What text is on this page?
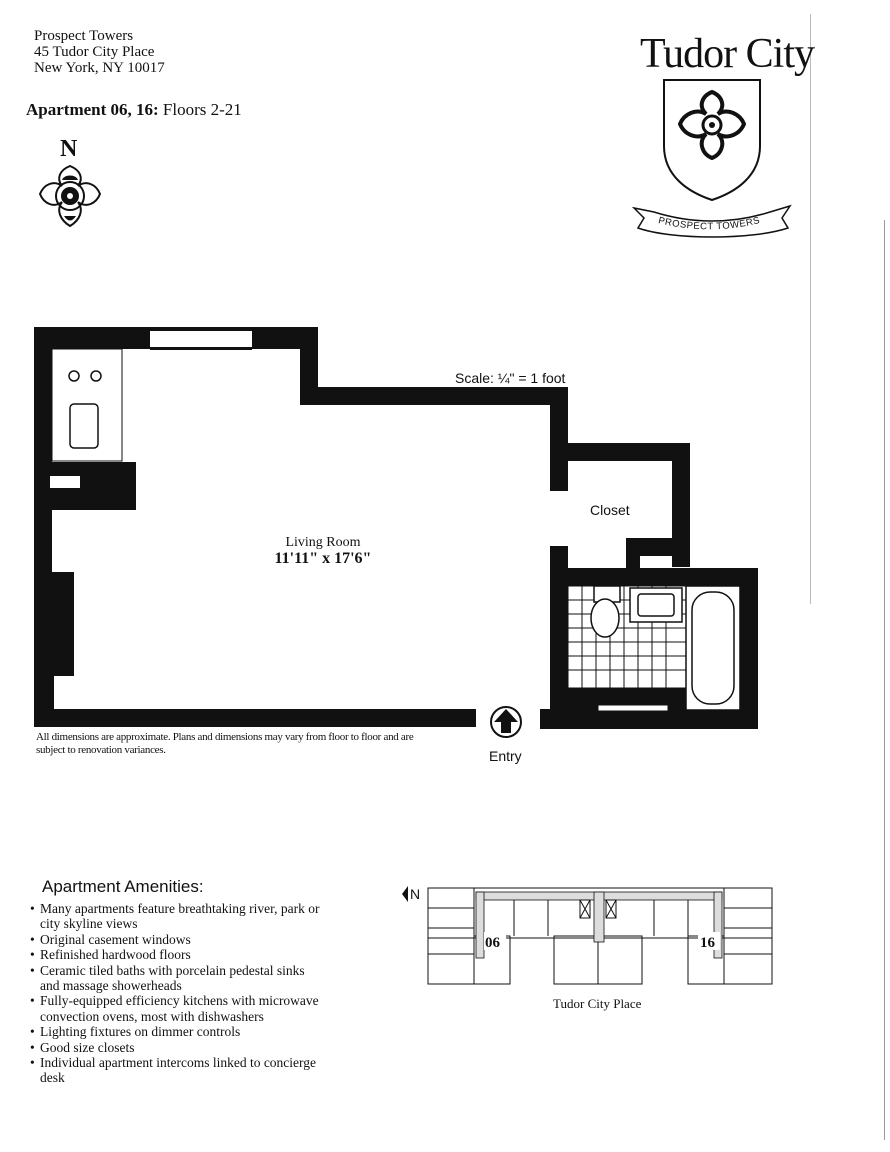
Prospect Towers
45 Tudor City Place
New York, NY 10017
Apartment 06, 16: Floors 2-21
N
Tudor City
PROSPECT TOWERS
Scale: ¼" = 1 foot
Closet
Living Room
11'11" x 17'6"
Entry
All dimensions are approximate. Plans and dimensions may vary from floor to floor and are subject to renovation variances.
Apartment Amenities:
• Many apartments feature breathtaking river, park or city skyline views
• Original casement windows
• Refinished hardwood floors
• Ceramic tiled baths with porcelain pedestal sinks and massage showerheads
• Fully-equipped efficiency kitchens with microwave convection ovens, most with dishwashers
• Lighting fixtures on dimmer controls
• Good size closets
• Individual apartment intercoms linked to concierge desk
N
06	16
Tudor City Place
